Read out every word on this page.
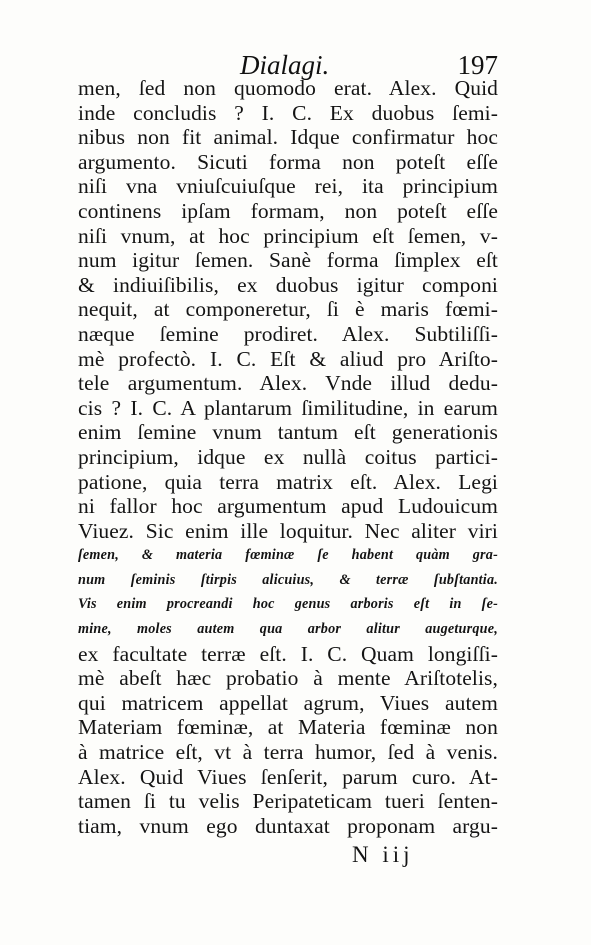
Dialagi.	197
men, ſed non quomodo erat. Alex. Quid
inde concludis ? I. C. Ex duobus ſemi-
nibus non fit animal. Idque confirmatur hoc
argumento. Sicuti forma non poteſt eſſe
niſi vna vniuſcuiuſque rei, ita principium
continens ipſam formam, non poteſt eſſe
niſi vnum, at hoc principium eſt ſemen, v-
num igitur ſemen. Sanè forma ſimplex eſt
& indiuiſibilis, ex duobus igitur componi
nequit, at componeretur, ſi è maris fœmi-
næque ſemine prodiret. Alex. Subtiliſſi-
mè profectò. I. C. Eſt & aliud pro Ariſto-
tele argumentum. Alex. Vnde illud dedu-
cis ? I. C. A plantarum ſimilitudine, in earum
enim ſemine vnum tantum eſt generationis
principium, idque ex nullà coitus partici-
patione, quia terra matrix eſt. Alex. Legi
ni fallor hoc argumentum apud Ludouicum
Viuez. Sic enim ille loquitur. Nec aliter viri
ſemen, & materia fœminæ ſe habent quàm gra-
num ſeminis ſtirpis alicuius, & terræ ſubſtantia.
Vis enim procreandi hoc genus arboris eſt in ſe-
mine, moles autem qua arbor alitur augeturque,
ex facultate terræ eſt. I. C. Quam longiſſi-
mè abeſt hæc probatio à mente Ariſtotelis,
qui matricem appellat agrum, Viues autem
Materiam fœminæ, at Materia fœminæ non
à matrice eſt, vt à terra humor, ſed à venis.
Alex. Quid Viues ſenſerit, parum curo. At-
tamen ſi tu velis Peripateticam tueri ſenten-
tiam, vnum ego duntaxat proponam argu-
N iij
